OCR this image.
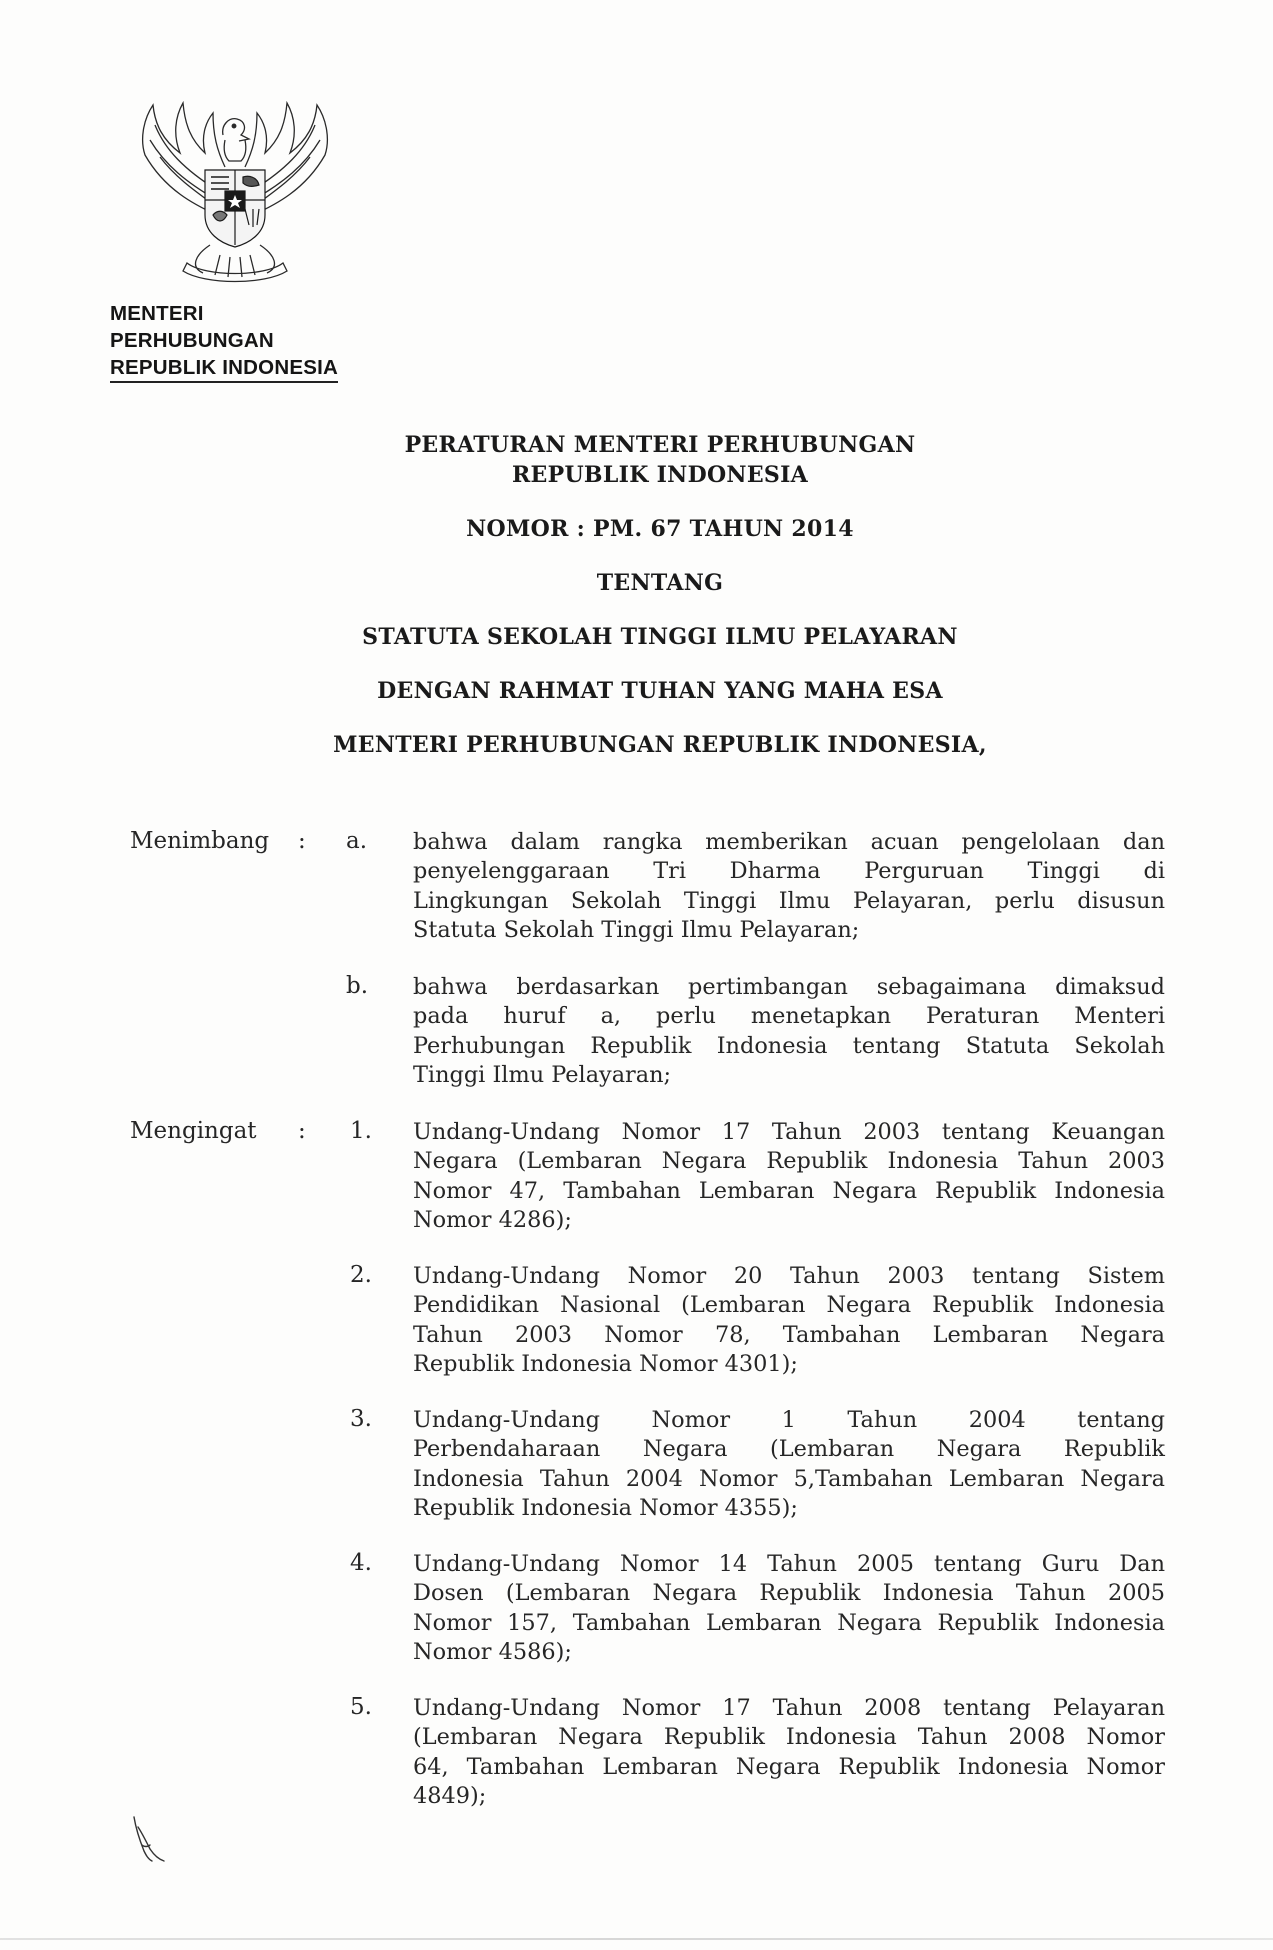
MENTERI PERHUBUNGAN
REPUBLIK INDONESIA
PERATURAN MENTERI PERHUBUNGAN
REPUBLIK INDONESIA
NOMOR : PM. 67 TAHUN 2014
TENTANG
STATUTA SEKOLAH TINGGI ILMU PELAYARAN
DENGAN RAHMAT TUHAN YANG MAHA ESA
MENTERI PERHUBUNGAN REPUBLIK INDONESIA,
Menimbang : a. bahwa dalam rangka memberikan acuan pengelolaan dan
penyelenggaraan Tri Dharma Perguruan Tinggi di
Lingkungan Sekolah Tinggi Ilmu Pelayaran, perlu disusun
Statuta Sekolah Tinggi Ilmu Pelayaran;
b. bahwa berdasarkan pertimbangan sebagaimana dimaksud
pada huruf a, perlu menetapkan Peraturan Menteri
Perhubungan Republik Indonesia tentang Statuta Sekolah
Tinggi Ilmu Pelayaran;
Mengingat : 1. Undang-Undang Nomor 17 Tahun 2003 tentang Keuangan
Negara (Lembaran Negara Republik Indonesia Tahun 2003
Nomor 47, Tambahan Lembaran Negara Republik Indonesia
Nomor 4286);
2. Undang-Undang Nomor 20 Tahun 2003 tentang Sistem
Pendidikan Nasional (Lembaran Negara Republik Indonesia
Tahun 2003 Nomor 78, Tambahan Lembaran Negara
Republik Indonesia Nomor 4301);
3. Undang-Undang Nomor 1 Tahun 2004 tentang
Perbendaharaan Negara (Lembaran Negara Republik
Indonesia Tahun 2004 Nomor 5,Tambahan Lembaran Negara
Republik Indonesia Nomor 4355);
4. Undang-Undang Nomor 14 Tahun 2005 tentang Guru Dan
Dosen (Lembaran Negara Republik Indonesia Tahun 2005
Nomor 157, Tambahan Lembaran Negara Republik Indonesia
Nomor 4586);
5. Undang-Undang Nomor 17 Tahun 2008 tentang Pelayaran
(Lembaran Negara Republik Indonesia Tahun 2008 Nomor
64, Tambahan Lembaran Negara Republik Indonesia Nomor
4849);
